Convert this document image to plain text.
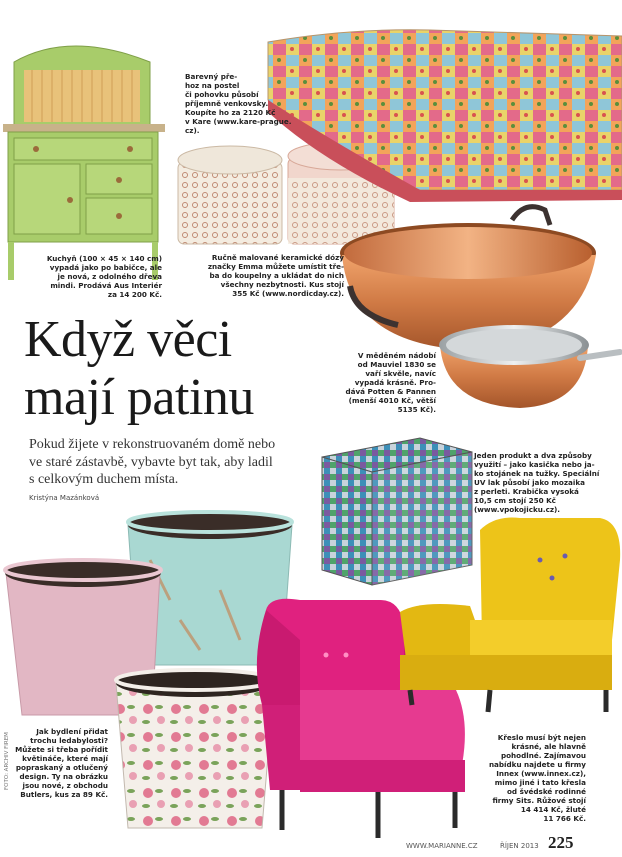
Barevný pře-
hoz na postel
či pohovku působí
příjemně venkovsky.
Koupíte ho za 2120 Kč
v Kare (www.kare-prague.
cz).
Kuchyň (100 × 45 × 140 cm)
vypadá jako po babičce, ale
je nová, z odolného dřeva
mindi. Prodává Aus Interiér
za 14 200 Kč.
Ručně malované keramické dózy
značky Emma můžete umístit tře-
ba do koupelny a ukládat do nich
všechny nezbytnosti. Kus stojí
355 Kč (www.nordicday.cz).
V měděném nádobí
od Mauviel 1830 se
vaří skvěle, navíc
vypadá krásně. Pro-
dává Potten & Pannen
(menší 4010 Kč, větší
5135 Kč).
Jeden produkt a dva způsoby
využití – jako kasička nebo ja-
ko stojánek na tužky. Speciální
UV lak působí jako mozaika
z perleti. Krabička vysoká
10,5 cm stojí 250 Kč
(www.vpokojicku.cz).
Jak bydlení přidat
trochu ledabylosti?
Můžete si třeba pořídit
květináče, které mají
popraskaný a otlučený
design. Ty na obrázku
jsou nové, z obchodu
Butlers, kus za 89 Kč.
Křeslo musí být nejen
krásné, ale hlavně
pohodlné. Zajímavou
nabídku najdete u firmy
Innex (www.innex.cz),
mimo jiné i tato křesla
od švédské rodinné
firmy Sits. Růžové stojí
14 414 Kč, žluté
11 766 Kč.
Když věci
mají patinu
Pokud žijete v rekonstruovaném domě nebo
ve staré zástavbě, vybavte byt tak, aby ladil
s celkovým duchem místa.
Kristýna Mazánková
FOTO: ARCHIV FIREM
WWW.MARIANNE.CZ	ŘÍJEN 2013 225
